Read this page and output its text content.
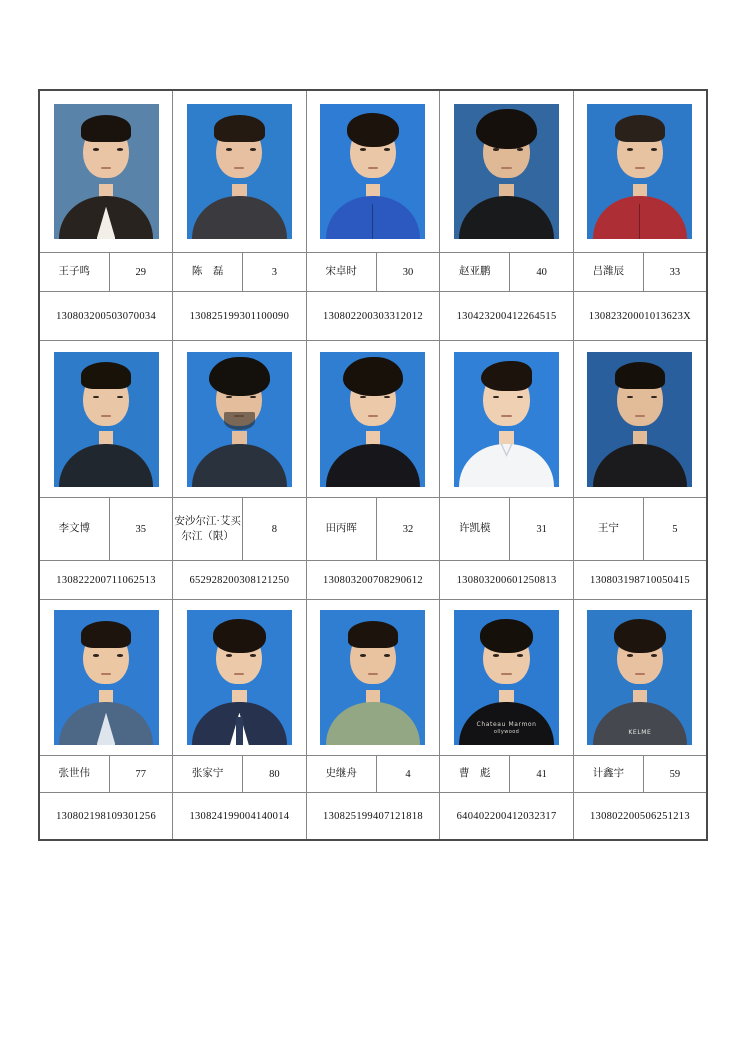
王子鸣	29	陈　磊	3	宋卓时	30	赵亚鹏	40	吕潍辰	33
130803200503070034		130825199301100090		130802200303312012		130423200412264515		13082320001013623X	

李文博	35	安沙尔江·艾买尔江（限）	8	田丙晖	32	许凯模	31	王宁	5
130822200711062513		652928200308121250		130803200708290612		130803200601250813		130803198710050415	

						Chateau Marmon
ollywood		KELME	

张世伟	77	张家宁	80	史继舟	4	曹　彪	41	计鑫宇	59
130802198109301256		130824199004140014		130825199407121818		640402200412032317		130802200506251213	
